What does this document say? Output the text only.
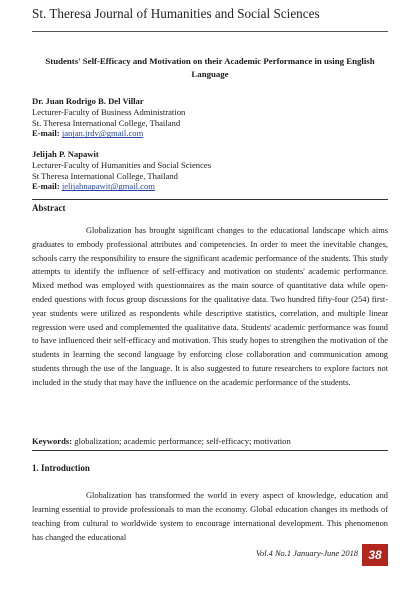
St. Theresa Journal of Humanities and Social Sciences
Students' Self-Efficacy and Motivation on their Academic Performance in using English Language
Dr. Juan Rodrigo B. Del Villar
Lecturer-Faculty of Business Administration
St. Theresa International College, Thailand
E-mail: janjan.jrdv@gmail.com
Jelijah P. Napawit
Lecturer-Faculty of Humanities and Social Sciences
St Theresa International College, Thailand
E-mail: jelijahnapawit@gmail.com
Abstract

Globalization has brought significant changes to the educational landscape which aims graduates to embody professional attributes and competencies. In order to meet the inevitable changes, schools carry the responsibility to ensure the significant academic performance of the students. This study attempts to identify the influence of self-efficacy and motivation on students' academic performance. Mixed method was employed with questionnaires as the main source of quantitative data while open-ended questions with focus group discussions for the qualitative data. Two hundred fifty-four (254) first-year students were utilized as respondents while descriptive statistics, correlation, and multiple linear regression were used and complemented the qualitative data. Students' academic performance was found to have influenced their self-efficacy and motivation. This study hopes to strengthen the motivation of the students in learning the second language by enforcing close collaboration and communication among students through the use of the language. It is also suggested to future researchers to explore factors not included in the study that may have the influence on the academic performance of the students.

Keywords: globalization; academic performance; self-efficacy; motivation
1. Introduction

Globalization has transformed the world in every aspect of knowledge, education and learning essential to provide professionals to man the economy. Global education changes its methods of teaching from cultural to worldwide system to encourage international development. This phenomenon has changed the educational

Vol.4 No.1 January-June 2018 38
